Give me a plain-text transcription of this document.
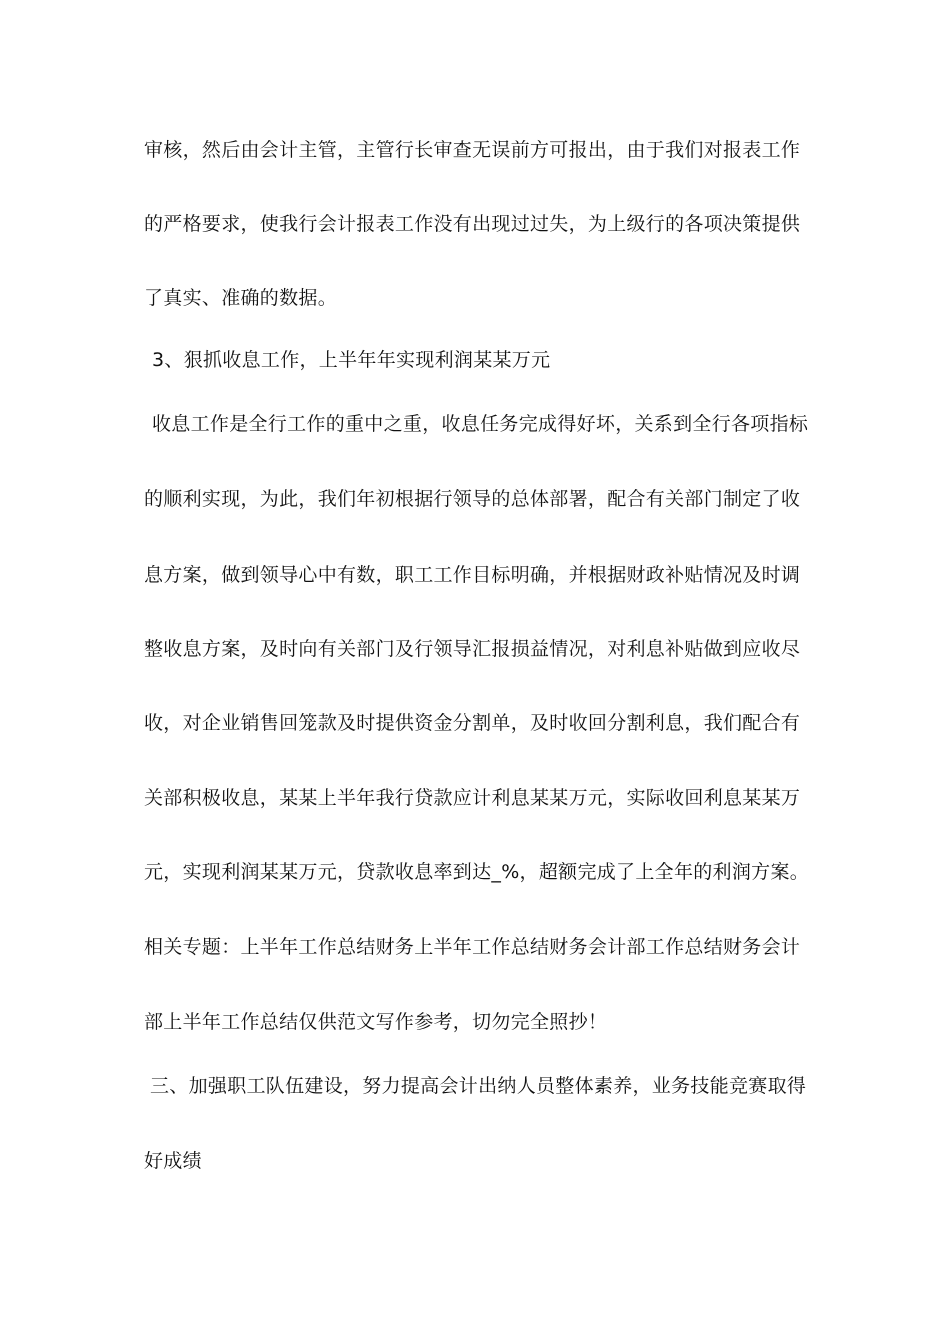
审核，然后由会计主管，主管行长审查无误前方可报出，由于我们对报表工作
的严格要求，使我行会计报表工作没有出现过过失，为上级行的各项决策提供
了真实、准确的数据。
3、狠抓收息工作，上半年年实现利润某某万元
收息工作是全行工作的重中之重，收息任务完成得好坏，关系到全行各项指标
的顺利实现，为此，我们年初根据行领导的总体部署，配合有关部门制定了收
息方案，做到领导心中有数，职工工作目标明确，并根据财政补贴情况及时调
整收息方案，及时向有关部门及行领导汇报损益情况，对利息补贴做到应收尽
收，对企业销售回笼款及时提供资金分割单，及时收回分割利息，我们配合有
关部积极收息，某某上半年我行贷款应计利息某某万元，实际收回利息某某万
元，实现利润某某万元，贷款收息率到达_%，超额完成了上全年的利润方案。
相关专题：上半年工作总结财务上半年工作总结财务会计部工作总结财务会计
部上半年工作总结仅供范文写作参考，切勿完全照抄！
三、加强职工队伍建设，努力提高会计出纳人员整体素养，业务技能竞赛取得
好成绩
